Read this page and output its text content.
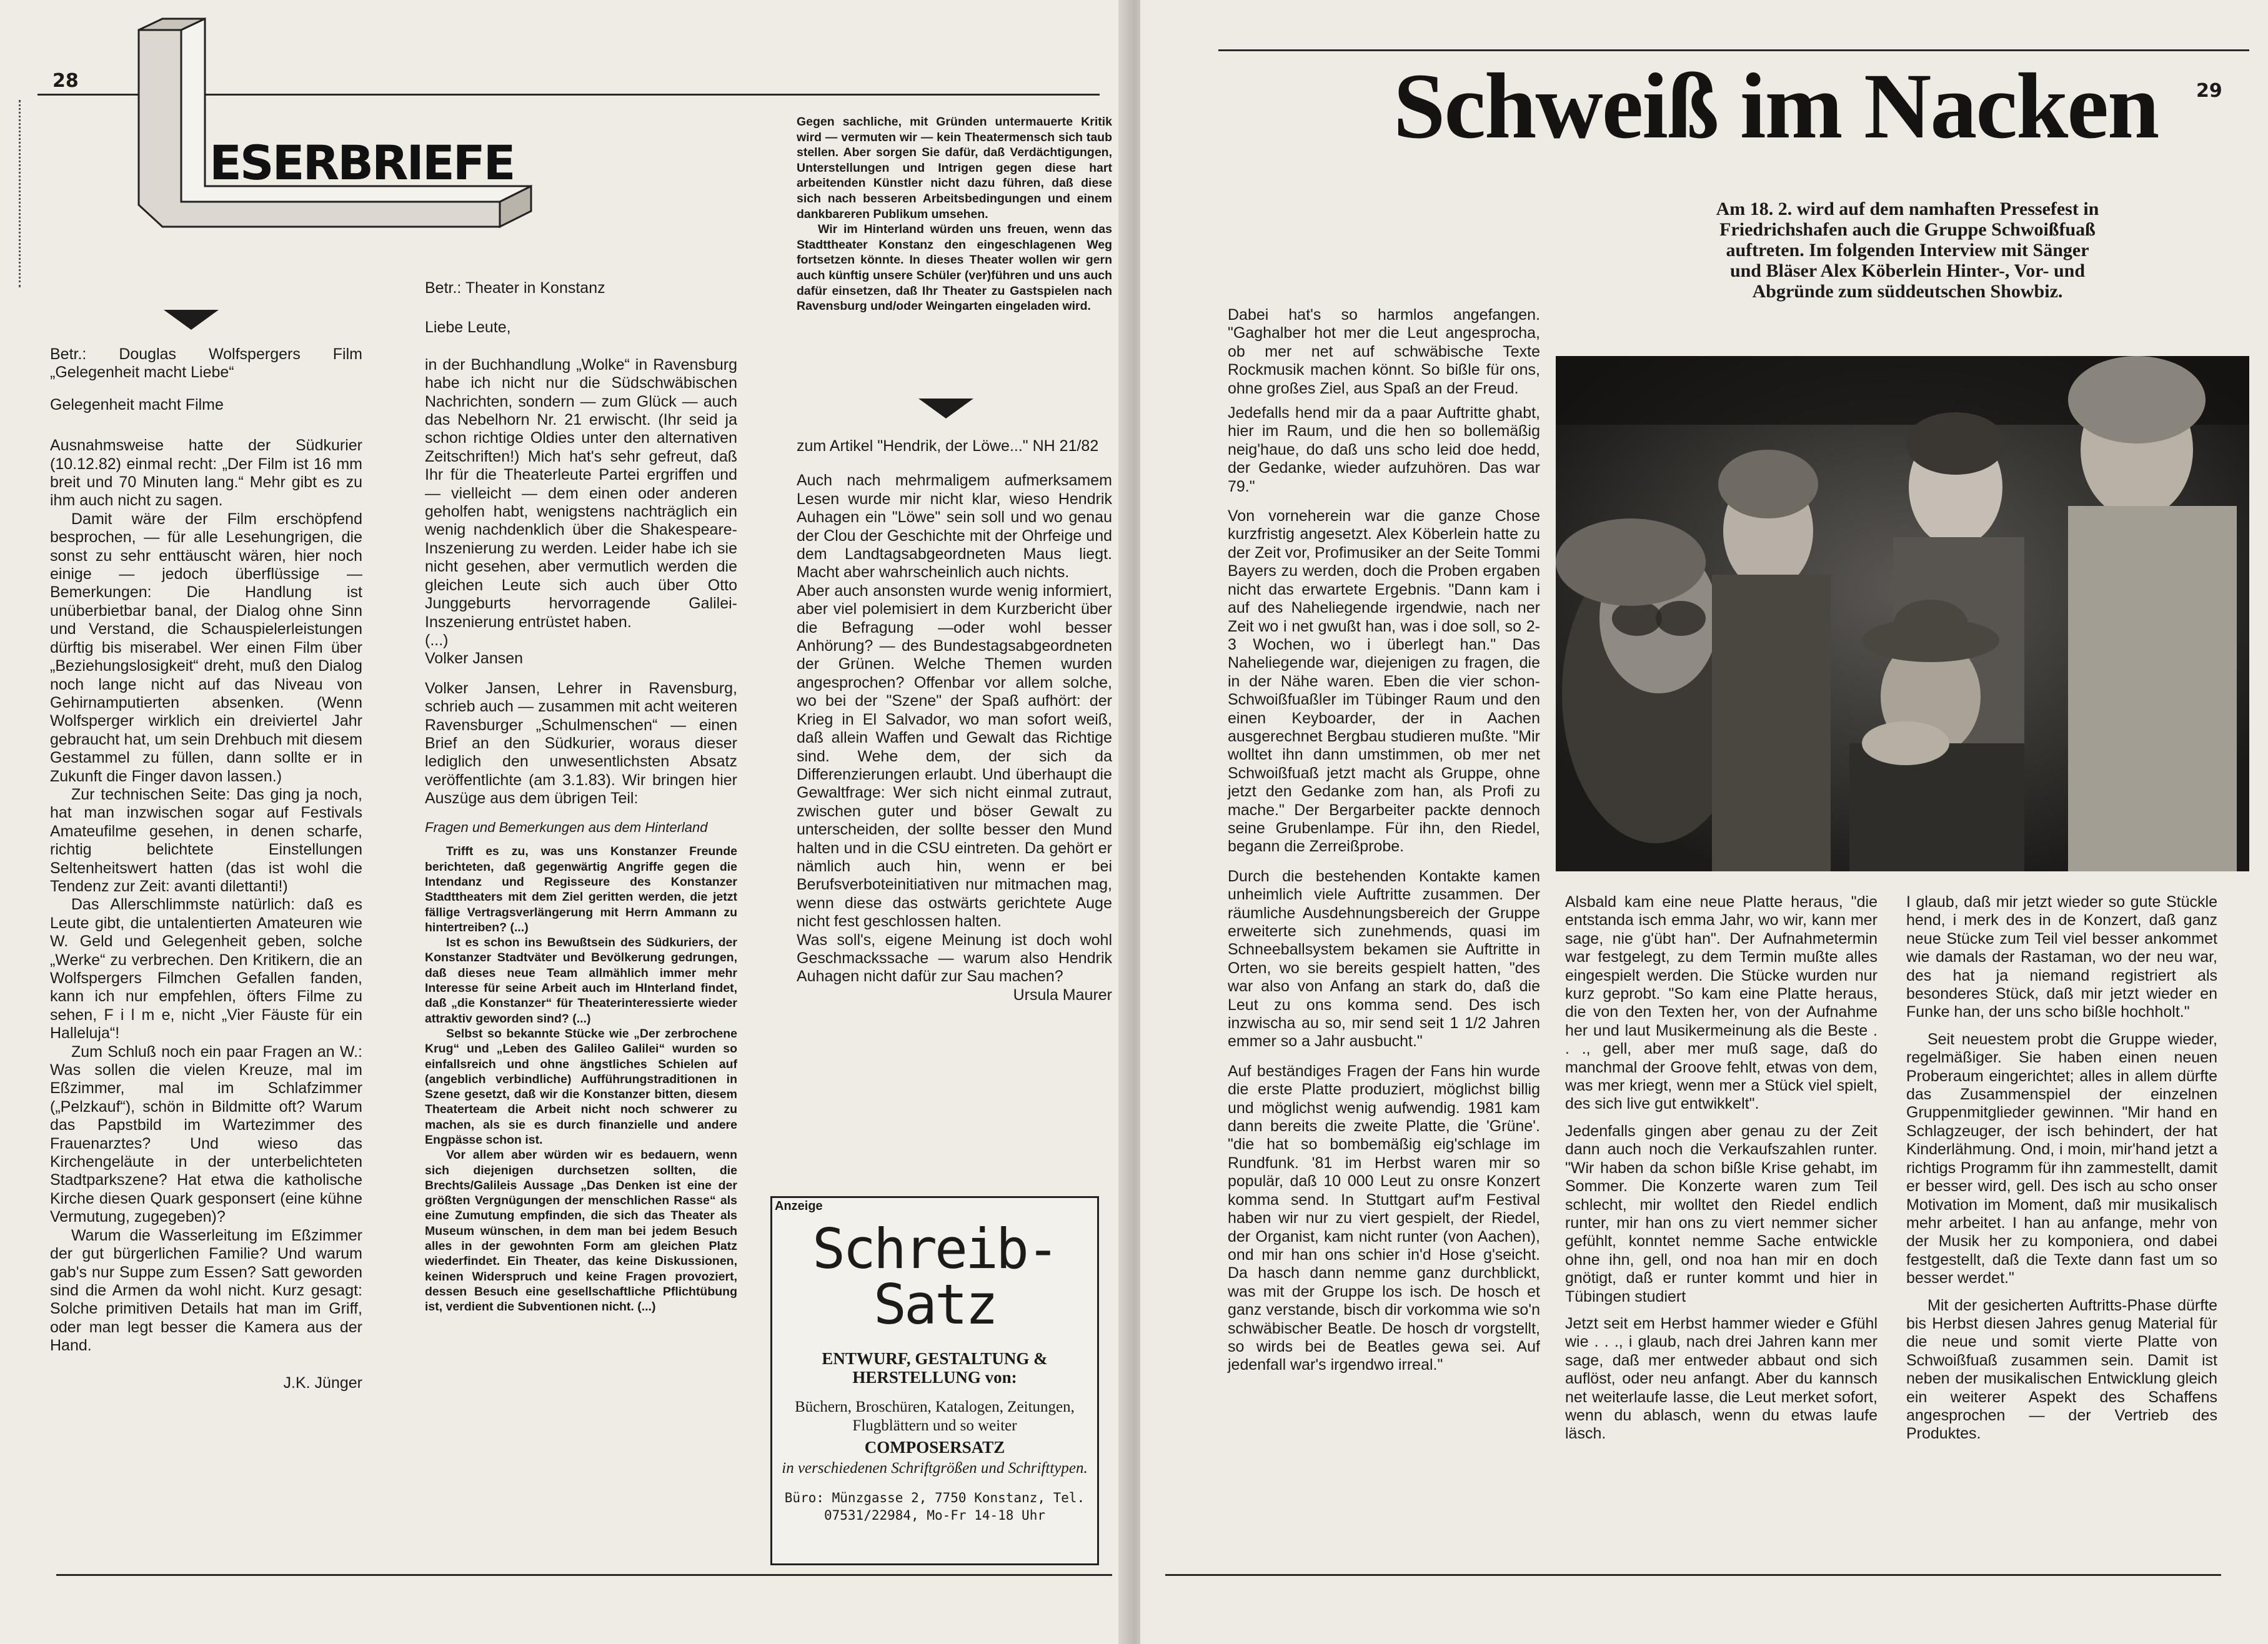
28
ESERBRIEFE

Betr.: Douglas Wolfspergers Film „Gelegenheit macht Liebe“

Gelegenheit macht Filme

Ausnahmsweise hatte der Südkurier (10.12.82) einmal recht: „Der Film ist 16 mm breit und 70 Minuten lang.“ Mehr gibt es zu ihm auch nicht zu sagen.

Damit wäre der Film erschöpfend besprochen, — für alle Lesehungrigen, die sonst zu sehr enttäuscht wären, hier noch einige — jedoch überflüssige — Bemerkungen: Die Handlung ist unüberbietbar banal, der Dialog ohne Sinn und Verstand, die Schauspielerleistungen dürftig bis miserabel. Wer einen Film über „Beziehungslosigkeit“ dreht, muß den Dialog noch lange nicht auf das Niveau von Gehirnamputierten absenken. (Wenn Wolfsperger wirklich ein dreiviertel Jahr gebraucht hat, um sein Drehbuch mit diesem Gestammel zu füllen, dann sollte er in Zukunft die Finger davon lassen.)

Zur technischen Seite: Das ging ja noch, hat man inzwischen sogar auf Festivals Amateufilme gesehen, in denen scharfe, richtig belichtete Einstellungen Seltenheitswert hatten (das ist wohl die Tendenz zur Zeit: avanti dilettanti!)

Das Allerschlimmste natürlich: daß es Leute gibt, die untalentierten Amateuren wie W. Geld und Gelegenheit geben, solche „Werke“ zu verbrechen. Den Kritikern, die an Wolfspergers Filmchen Gefallen fanden, kann ich nur empfehlen, öfters Filme zu sehen, F i l m e, nicht „Vier Fäuste für ein Halleluja“!

Zum Schluß noch ein paar Fragen an W.: Was sollen die vielen Kreuze, mal im Eßzimmer, mal im Schlafzimmer („Pelzkauf“), schön in Bildmitte oft? Warum das Papstbild im Wartezimmer des Frauenarztes? Und wieso das Kirchengeläute in der unterbelichteten Stadtparkszene? Hat etwa die katholische Kirche diesen Quark gesponsert (eine kühne Vermutung, zugegeben)?

Warum die Wasserleitung im Eßzimmer der gut bürgerlichen Familie? Und warum gab's nur Suppe zum Essen? Satt geworden sind die Armen da wohl nicht. Kurz gesagt: Solche primitiven Details hat man im Griff, oder man legt besser die Kamera aus der Hand.

J.K. Jünger

Betr.: Theater in Konstanz

Liebe Leute,

in der Buchhandlung „Wolke“ in Ravensburg habe ich nicht nur die Südschwäbischen Nachrichten, sondern — zum Glück — auch das Nebelhorn Nr. 21 erwischt. (Ihr seid ja schon richtige Oldies unter den alternativen Zeitschriften!) Mich hat's sehr gefreut, daß Ihr für die Theaterleute Partei ergriffen und — vielleicht — dem einen oder anderen geholfen habt, wenigstens nachträglich ein wenig nachdenklich über die Shakespeare-Inszenierung zu werden. Leider habe ich sie nicht gesehen, aber vermutlich werden die gleichen Leute sich auch über Otto Junggeburts hervorragende Galilei-Inszenierung entrüstet haben.

(...)

Volker Jansen

Volker Jansen, Lehrer in Ravensburg, schrieb auch — zusammen mit acht weiteren Ravensburger „Schulmenschen“ — einen Brief an den Südkurier, woraus dieser lediglich den unwesentlichsten Absatz veröffentlichte (am 3.1.83). Wir bringen hier Auszüge aus dem übrigen Teil:

Fragen und Bemerkungen aus dem Hinterland

Trifft es zu, was uns Konstanzer Freunde berichteten, daß gegenwärtig Angriffe gegen die Intendanz und Regisseure des Konstanzer Stadttheaters mit dem Ziel geritten werden, die jetzt fällige Vertragsverlängerung mit Herrn Ammann zu hintertreiben? (...)

Ist es schon ins Bewußtsein des Südkuriers, der Konstanzer Stadtväter und Bevölkerung gedrungen, daß dieses neue Team allmählich immer mehr Interesse für seine Arbeit auch im HInterland findet, daß „die Konstanzer“ für Theaterinteressierte wieder attraktiv geworden sind? (...)

Selbst so bekannte Stücke wie „Der zerbrochene Krug“ und „Leben des Galileo Galilei“ wurden so einfallsreich und ohne ängstliches Schielen auf (angeblich verbindliche) Aufführungstraditionen in Szene gesetzt, daß wir die Konstanzer bitten, diesem Theaterteam die Arbeit nicht noch schwerer zu machen, als sie es durch finanzielle und andere Engpässe schon ist.

Vor allem aber würden wir es bedauern, wenn sich diejenigen durchsetzen sollten, die Brechts/Galileis Aussage „Das Denken ist eine der größten Vergnügungen der menschlichen Rasse“ als eine Zumutung empfinden, die sich das Theater als Museum wünschen, in dem man bei jedem Besuch alles in der gewohnten Form am gleichen Platz wiederfindet. Ein Theater, das keine Diskussionen, keinen Widerspruch und keine Fragen provoziert, dessen Besuch eine gesellschaftliche Pflichtübung ist, verdient die Subventionen nicht. (...)

Gegen sachliche, mit Gründen untermauerte Kritik wird — vermuten wir — kein Theatermensch sich taub stellen. Aber sorgen Sie dafür, daß Verdächtigungen, Unterstellungen und Intrigen gegen diese hart arbeitenden Künstler nicht dazu führen, daß diese sich nach besseren Arbeitsbedingungen und einem dankbareren Publikum umsehen.

Wir im Hinterland würden uns freuen, wenn das Stadttheater Konstanz den eingeschlagenen Weg fortsetzen könnte. In dieses Theater wollen wir gern auch künftig unsere Schüler (ver)führen und uns auch dafür einsetzen, daß Ihr Theater zu Gastspielen nach Ravensburg und/oder Weingarten eingeladen wird.

zum Artikel "Hendrik, der Löwe..." NH 21/82

Auch nach mehrmaligem aufmerksamem Lesen wurde mir nicht klar, wieso Hendrik Auhagen ein "Löwe" sein soll und wo genau der Clou der Geschichte mit der Ohrfeige und dem Landtagsabgeordneten Maus liegt. Macht aber wahrscheinlich auch nichts.

Aber auch ansonsten wurde wenig informiert, aber viel polemisiert in dem Kurzbericht über die Befragung —oder wohl besser Anhörung? — des Bundestagsabgeordneten der Grünen. Welche Themen wurden angesprochen? Offenbar vor allem solche, wo bei der "Szene" der Spaß aufhört: der Krieg in El Salvador, wo man sofort weiß, daß allein Waffen und Gewalt das Richtige sind. Wehe dem, der sich da Differenzierungen erlaubt. Und überhaupt die Gewaltfrage: Wer sich nicht einmal zutraut, zwischen guter und böser Gewalt zu unterscheiden, der sollte besser den Mund halten und in die CSU eintreten. Da gehört er nämlich auch hin, wenn er bei Berufsverboteinitiativen nur mitmachen mag, wenn diese das ostwärts gerichtete Auge nicht fest geschlossen halten.

Was soll's, eigene Meinung ist doch wohl Geschmackssache — warum also Hendrik Auhagen nicht dafür zur Sau machen?

Ursula Maurer

Anzeige
Schreib-
Satz
ENTWURF, GESTALTUNG & HERSTELLUNG von:
Büchern, Broschüren, Katalogen, Zeitungen, Flugblättern und so weiter
COMPOSERSATZ
in verschiedenen Schriftgrößen und Schrifttypen.
Büro: Münzgasse 2, 7750 Konstanz, Tel. 07531/22984, Mo-Fr 14-18 Uhr
29
Schweiß im Nacken
Am 18. 2. wird auf dem namhaften Pressefest in Friedrichshafen auch die Gruppe Schwoißfuaß auftreten. Im folgenden Interview mit Sänger und Bläser Alex Köberlein Hinter-, Vor- und Abgründe zum süddeutschen Showbiz.

Dabei hat's so harmlos angefangen. "Gaghalber hot mer die Leut angesprocha, ob mer net auf schwäbische Texte Rockmusik machen könnt. So bißle für ons, ohne großes Ziel, aus Spaß an der Freud.

Jedefalls hend mir da a paar Auftritte ghabt, hier im Raum, und die hen so bollemäßig neig'haue, do daß uns scho leid doe hedd, der Gedanke, wieder aufzuhören. Das war 79."

Von vorneherein war die ganze Chose kurzfristig angesetzt. Alex Köberlein hatte zu der Zeit vor, Profimusiker an der Seite Tommi Bayers zu werden, doch die Proben ergaben nicht das erwartete Ergebnis. "Dann kam i auf des Naheliegende irgendwie, nach ner Zeit wo i net gwußt han, was i doe soll, so 2-3 Wochen, wo i überlegt han." Das Naheliegende war, diejenigen zu fragen, die in der Nähe waren. Eben die vier schon-Schwoißfuaßler im Tübinger Raum und den einen Keyboarder, der in Aachen ausgerechnet Bergbau studieren mußte. "Mir wolltet ihn dann umstimmen, ob mer net Schwoißfuaß jetzt macht als Gruppe, ohne jetzt den Gedanke zom han, als Profi zu mache." Der Bergarbeiter packte dennoch seine Grubenlampe. Für ihn, den Riedel, begann die Zerreißprobe.

Durch die bestehenden Kontakte kamen unheimlich viele Auftritte zusammen. Der räumliche Ausdehnungsbereich der Gruppe erweiterte sich zunehmends, quasi im Schneeballsystem bekamen sie Auftritte in Orten, wo sie bereits gespielt hatten, "des war also von Anfang an stark do, daß die Leut zu ons komma send. Des isch inzwischa au so, mir send seit 1 1/2 Jahren emmer so a Jahr ausbucht."

Auf beständiges Fragen der Fans hin wurde die erste Platte produziert, möglichst billig und möglichst wenig aufwendig. 1981 kam dann bereits die zweite Platte, die 'Grüne'. "die hat so bombemäßig eig'schlage im Rundfunk. '81 im Herbst waren mir so populär, daß 10 000 Leut zu onsre Konzert komma send. In Stuttgart auf'm Festival haben wir nur zu viert gespielt, der Riedel, der Organist, kam nicht runter (von Aachen), ond mir han ons schier in'd Hose g'seicht. Da hasch dann nemme ganz durchblickt, was mit der Gruppe los isch. De hosch et ganz verstande, bisch dir vorkomma wie so'n schwäbischer Beatle. De hosch dr vorgstellt, so wirds bei de Beatles gewa sei. Auf jedenfall war's irgendwo irreal."

Alsbald kam eine neue Platte heraus, "die entstanda isch emma Jahr, wo wir, kann mer sage, nie g'übt han". Der Aufnahmetermin war festgelegt, zu dem Termin mußte alles eingespielt werden. Die Stücke wurden nur kurz geprobt. "So kam eine Platte heraus, die von den Texten her, von der Aufnahme her und laut Musikermeinung als die Beste . . ., gell, aber mer muß sage, daß do manchmal der Groove fehlt, etwas von dem, was mer kriegt, wenn mer a Stück viel spielt, des sich live gut entwikkelt".

Jedenfalls gingen aber genau zu der Zeit dann auch noch die Verkaufszahlen runter. "Wir haben da schon bißle Krise gehabt, im Sommer. Die Konzerte waren zum Teil schlecht, mir wolltet den Riedel endlich runter, mir han ons zu viert nemmer sicher gefühlt, konntet nemme Sache entwickle ohne ihn, gell, ond noa han mir en doch gnötigt, daß er runter kommt und hier in Tübingen studiert

Jetzt seit em Herbst hammer wieder e Gfühl wie . . ., i glaub, nach drei Jahren kann mer sage, daß mer entweder abbaut ond sich auflöst, oder neu anfangt. Aber du kannsch net weiterlaufe lasse, die Leut merket sofort, wenn du ablasch, wenn du etwas laufe läsch.

I glaub, daß mir jetzt wieder so gute Stückle hend, i merk des in de Konzert, daß ganz neue Stücke zum Teil viel besser ankommet wie damals der Rastaman, wo der neu war, des hat ja niemand registriert als besonderes Stück, daß mir jetzt wieder en Funke han, der uns scho bißle hochholt."

Seit neuestem probt die Gruppe wieder, regelmäßiger. Sie haben einen neuen Proberaum eingerichtet; alles in allem dürfte das Zusammenspiel der einzelnen Gruppenmitglieder gewinnen. "Mir hand en Schlagzeuger, der isch behindert, der hat Kinderlähmung. Ond, i moin, mir'hand jetzt a richtigs Programm für ihn zammestellt, damit er besser wird, gell. Des isch au scho onser Motivation im Moment, daß mir musikalisch mehr arbeitet. I han au anfange, mehr von der Musik her zu komponiera, ond dabei festgestellt, daß die Texte dann fast um so besser werdet."

Mit der gesicherten Auftritts-Phase dürfte bis Herbst diesen Jahres genug Material für die neue und somit vierte Platte von Schwoißfuaß zusammen sein. Damit ist neben der musikalischen Entwicklung gleich ein weiterer Aspekt des Schaffens angesprochen — der Vertrieb des Produktes.
